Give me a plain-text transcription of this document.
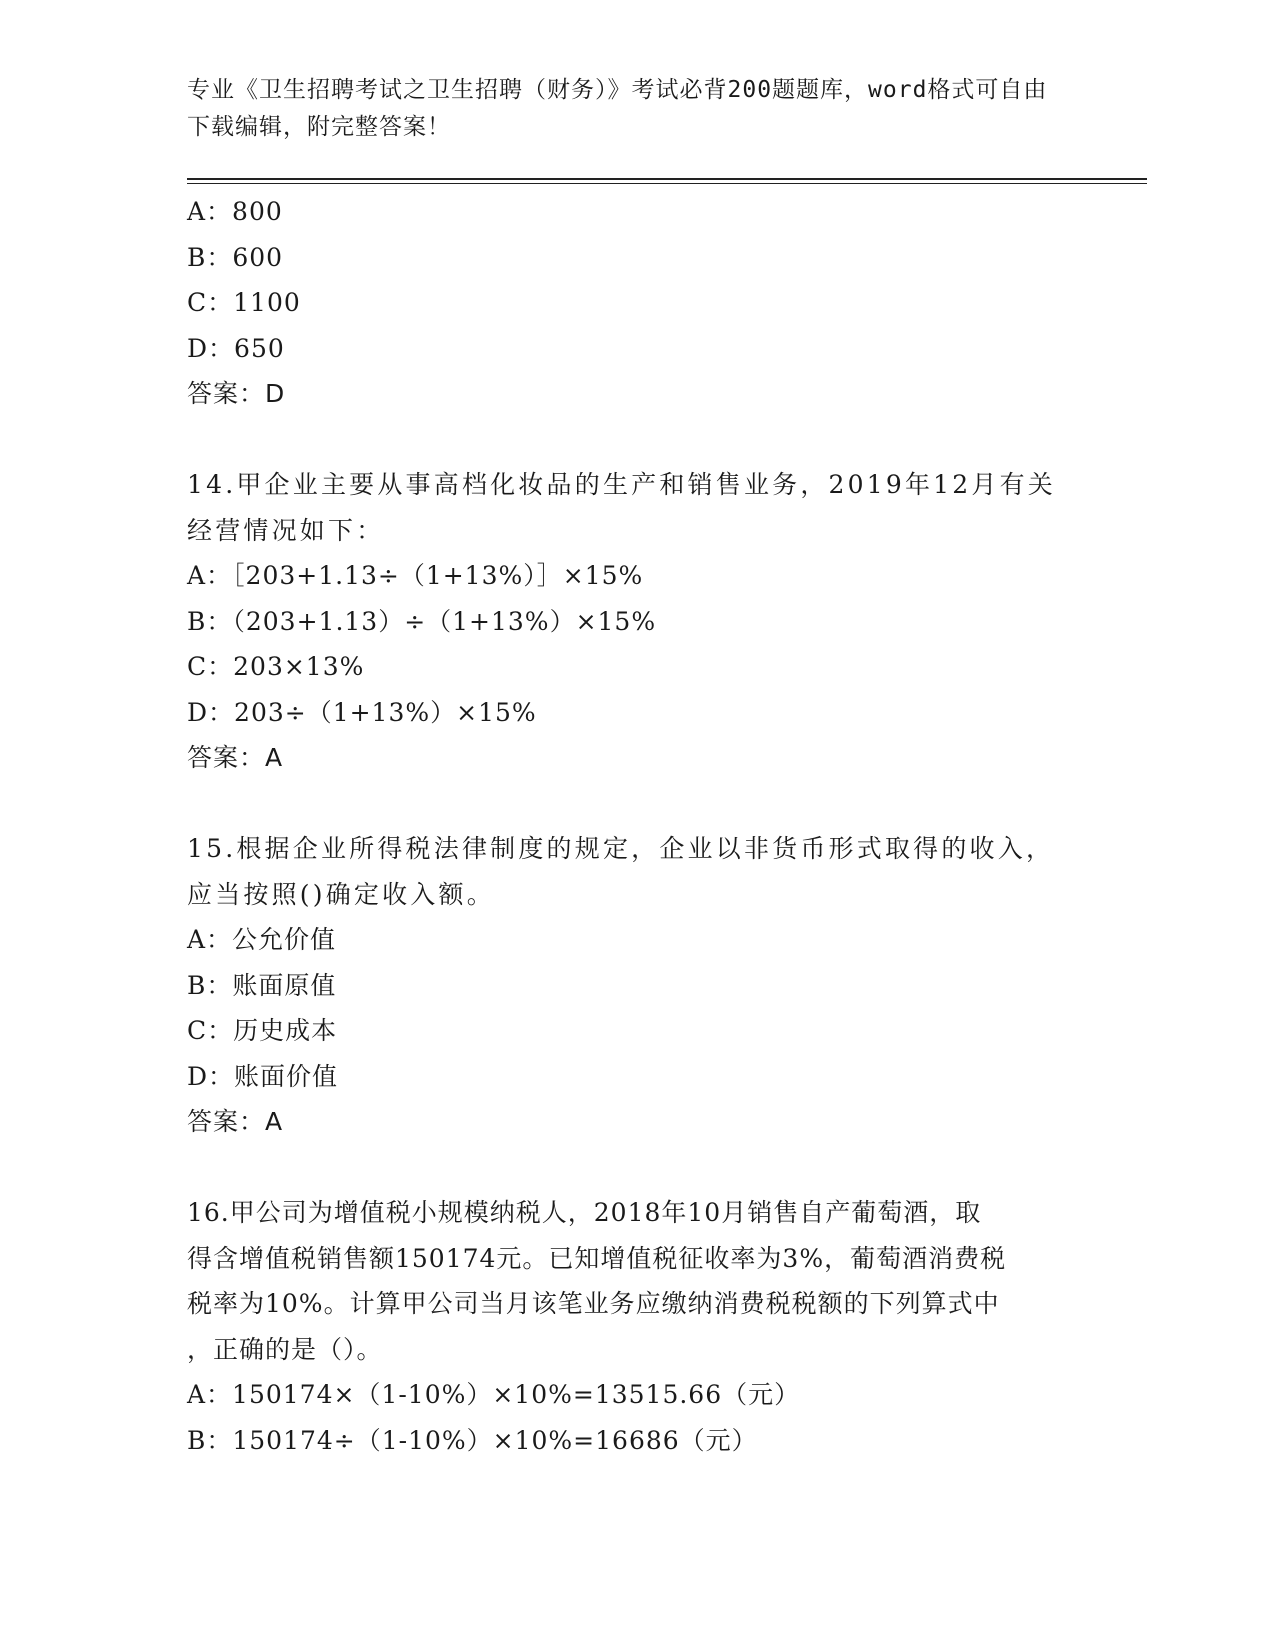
专业《卫生招聘考试之卫生招聘（财务）》考试必背200题题库，word格式可自由下载编辑，附完整答案！
A：800
B：600
C：1100
D：650
答案：D
14.甲企业主要从事高档化妆品的生产和销售业务，2019年12月有关经营情况如下：
A：［203+1.13÷（1+13%）］×15%
B：（203+1.13）÷（1+13%）×15%
C：203×13%
D：203÷（1+13%）×15%
答案：A
15.根据企业所得税法律制度的规定，企业以非货币形式取得的收入，应当按照()确定收入额。
A：公允价值
B：账面原值
C：历史成本
D：账面价值
答案：A
16.甲公司为增值税小规模纳税人，2018年10月销售自产葡萄酒，取
得含增值税销售额150174元。已知增值税征收率为3%，葡萄酒消费税
税率为10%。计算甲公司当月该笔业务应缴纳消费税税额的下列算式中
，正确的是（）。
A：150174×（1-10%）×10%=13515.66（元）
B：150174÷（1-10%）×10%=16686（元）
